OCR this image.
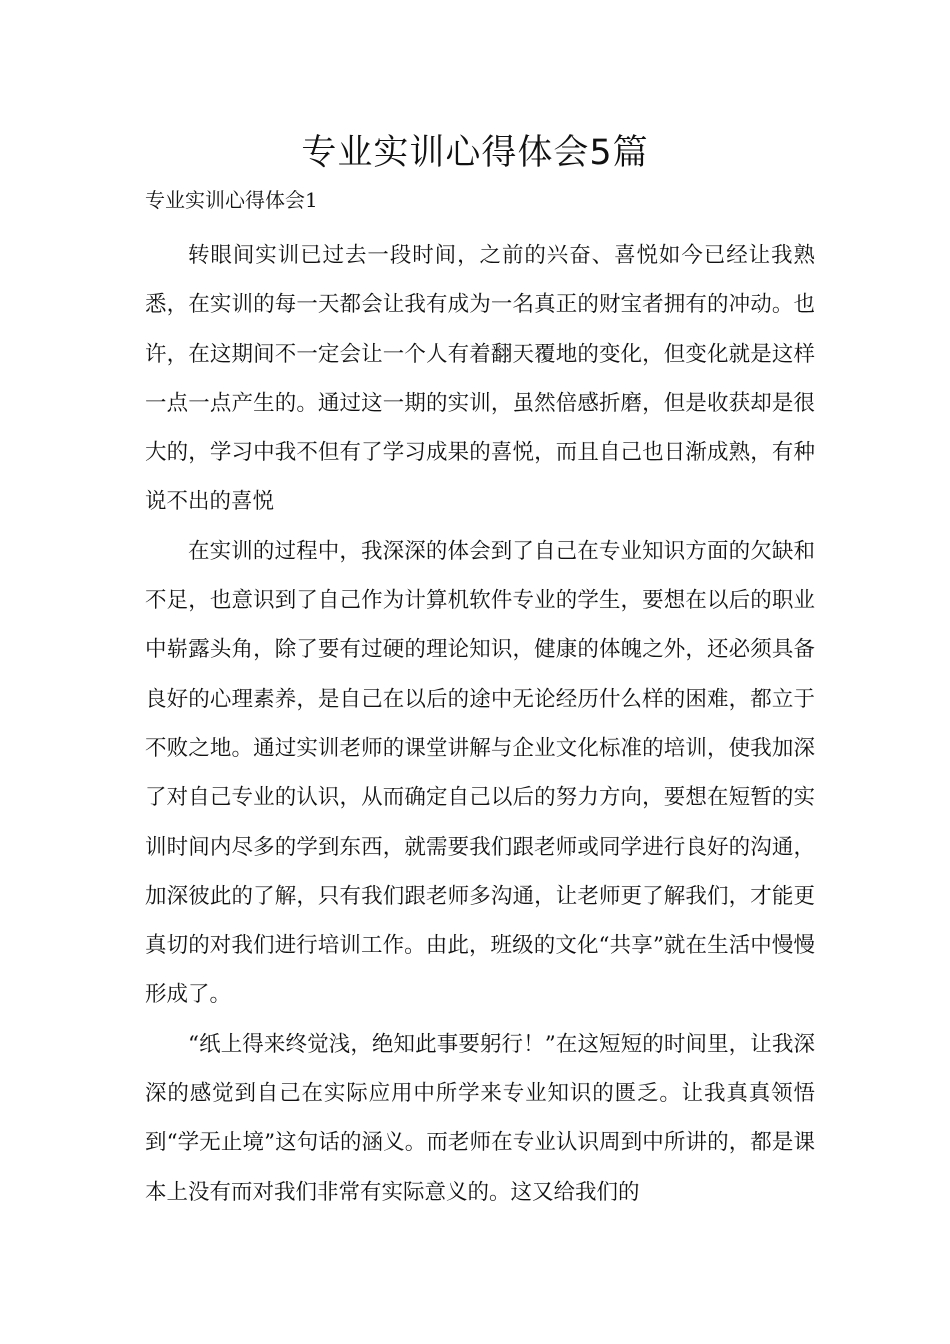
专业实训心得体会5篇
专业实训心得体会1

转眼间实训已过去一段时间，之前的兴奋、喜悦如今已经让我熟悉，在实训的每一天都会让我有成为一名真正的财宝者拥有的冲动。也许，在这期间不一定会让一个人有着翻天覆地的变化，但变化就是这样一点一点产生的。通过这一期的实训，虽然倍感折磨，但是收获却是很大的，学习中我不但有了学习成果的喜悦，而且自己也日渐成熟，有种说不出的喜悦

在实训的过程中，我深深的体会到了自己在专业知识方面的欠缺和不足，也意识到了自己作为计算机软件专业的学生，要想在以后的职业中崭露头角，除了要有过硬的理论知识，健康的体魄之外，还必须具备良好的心理素养，是自己在以后的途中无论经历什么样的困难，都立于不败之地。通过实训老师的课堂讲解与企业文化标准的培训，使我加深了对自己专业的认识，从而确定自己以后的努力方向，要想在短暂的实训时间内尽多的学到东西，就需要我们跟老师或同学进行良好的沟通，加深彼此的了解，只有我们跟老师多沟通，让老师更了解我们，才能更真切的对我们进行培训工作。由此，班级的文化“共享”就在生活中慢慢形成了。

“纸上得来终觉浅，绝知此事要躬行！”在这短短的时间里，让我深深的感觉到自己在实际应用中所学来专业知识的匮乏。让我真真领悟到“学无止境”这句话的涵义。而老师在专业认识周到中所讲的，都是课本上没有而对我们非常有实际意义的。这又给我们的
